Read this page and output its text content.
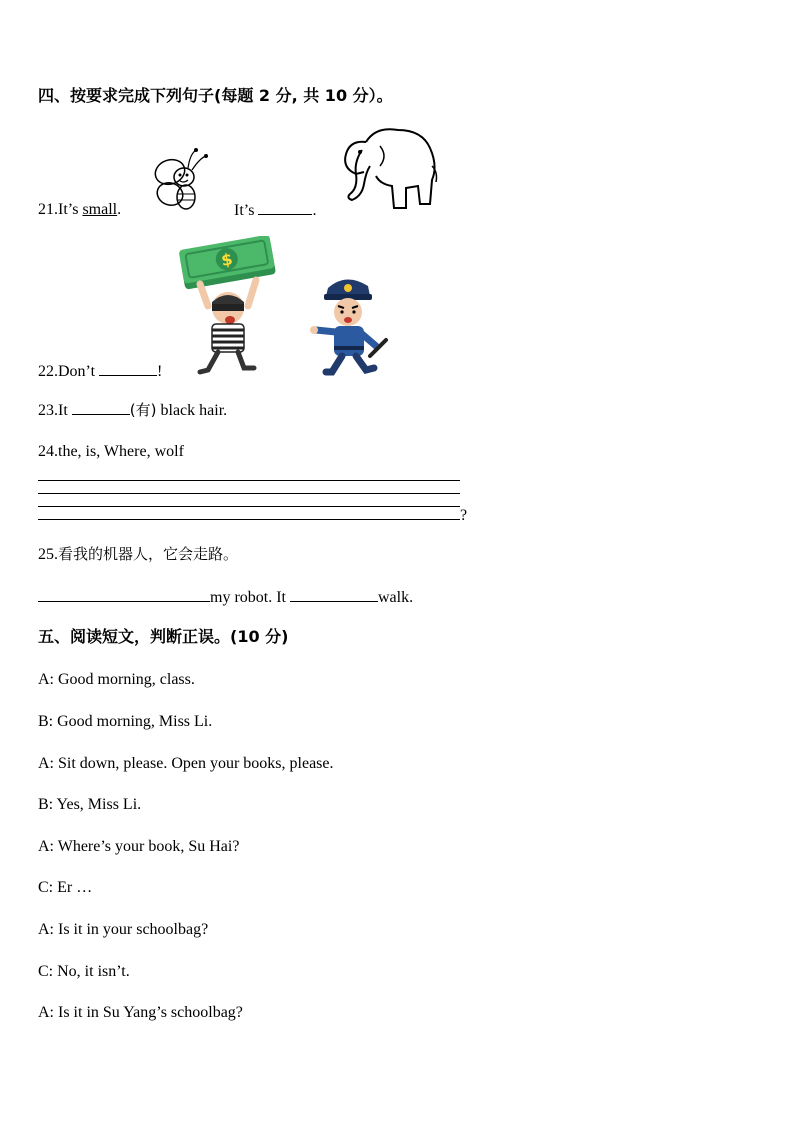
四、按要求完成下列句子(每题 2 分, 共 10 分）。
21.It’s small.	It’s	.
$
22.Don’t	!
23.It	(有) black hair.
24.the, is, Where, wolf
?
25.看我的机器人，它会走路。
my robot. It	walk.
五、阅读短文，判断正误。(10 分)
A: Good morning, class.
B: Good morning, Miss Li.
A: Sit down, please. Open your books, please.
B: Yes, Miss Li.
A: Where’s your book, Su Hai?
C: Er …
A: Is it in your schoolbag?
C: No, it isn’t.
A: Is it in Su Yang’s schoolbag?
